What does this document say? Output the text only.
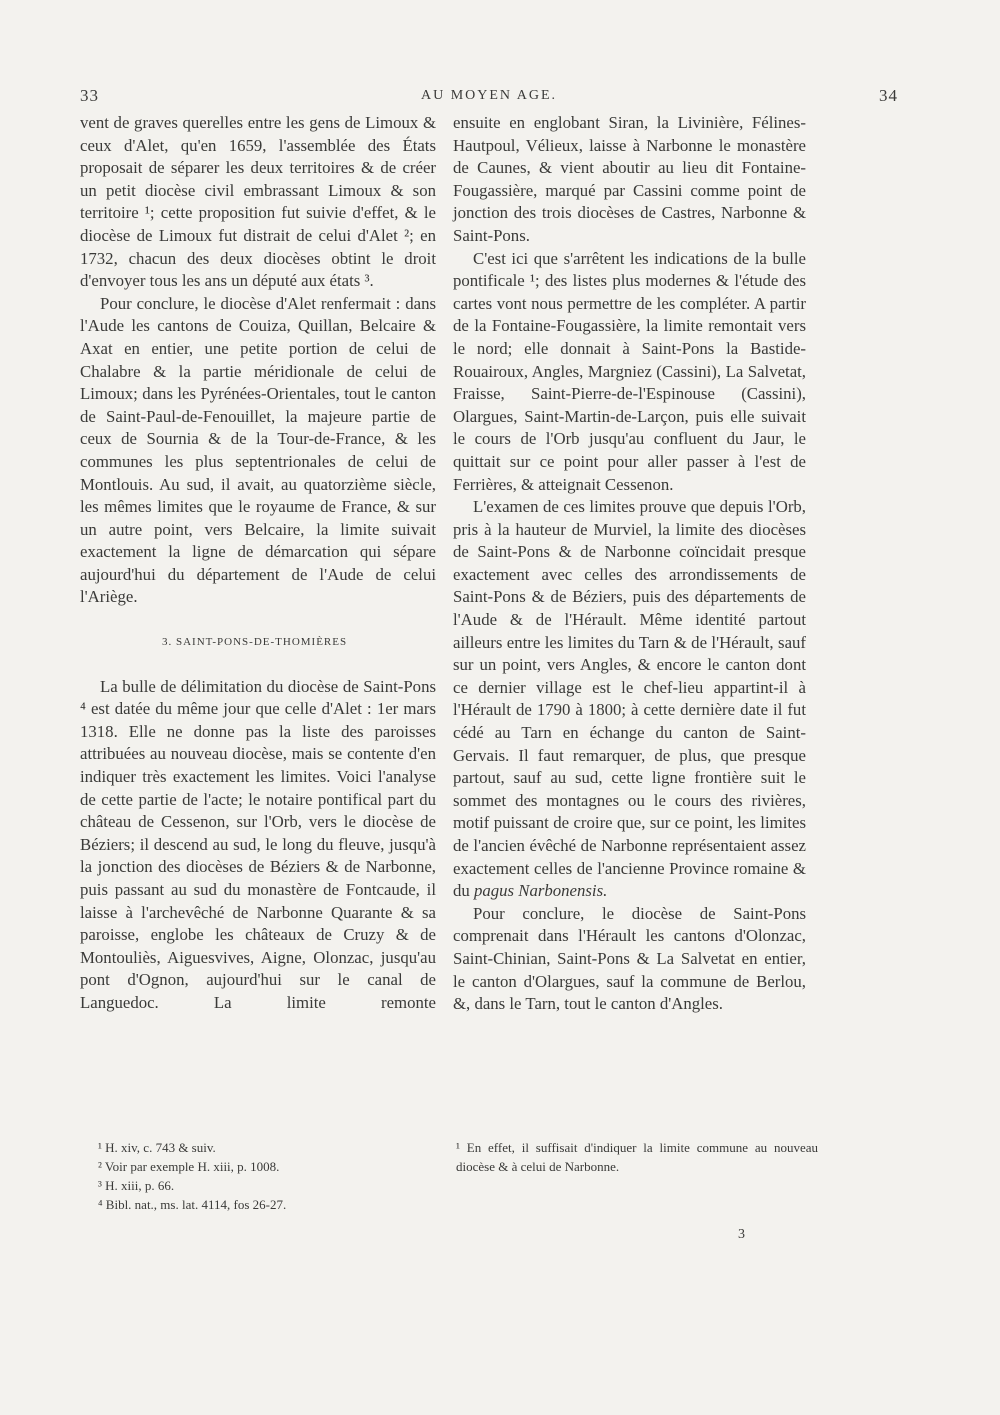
33	AU MOYEN AGE.	34

vent de graves querelles entre les gens de Limoux & ceux d'Alet, qu'en 1659, l'assemblée des États proposait de séparer les deux territoires & de créer un petit diocèse civil embrassant Limoux & son territoire ¹; cette proposition fut suivie d'effet, & le diocèse de Limoux fut distrait de celui d'Alet ²; en 1732, chacun des deux diocèses obtint le droit d'envoyer tous les ans un député aux états ³.

Pour conclure, le diocèse d'Alet renfermait : dans l'Aude les cantons de Couiza, Quillan, Belcaire & Axat en entier, une petite portion de celui de Chalabre & la partie méridionale de celui de Limoux; dans les Pyrénées-Orientales, tout le canton de Saint-Paul-de-Fenouillet, la majeure partie de ceux de Sournia & de la Tour-de-France, & les communes les plus septentrionales de celui de Montlouis. Au sud, il avait, au quatorzième siècle, les mêmes limites que le royaume de France, & sur un autre point, vers Belcaire, la limite suivait exactement la ligne de démarcation qui sépare aujourd'hui du département de l'Aude de celui l'Ariège.

3. SAINT-PONS-DE-THOMIÈRES

La bulle de délimitation du diocèse de Saint-Pons ⁴ est datée du même jour que celle d'Alet : 1er mars 1318. Elle ne donne pas la liste des paroisses attribuées au nouveau diocèse, mais se contente d'en indiquer très exactement les limites. Voici l'analyse de cette partie de l'acte; le notaire pontifical part du château de Cessenon, sur l'Orb, vers le diocèse de Béziers; il descend au sud, le long du fleuve, jusqu'à la jonction des diocèses de Béziers & de Narbonne, puis passant au sud du monastère de Fontcaude, il laisse à l'archevêché de Narbonne Quarante & sa paroisse, englobe les châteaux de Cruzy & de Montouliès, Aiguesvives, Aigne, Olonzac, jusqu'au pont d'Ognon, aujourd'hui sur le canal de Languedoc. La limite remonte

ensuite en englobant Siran, la Livinière, Félines-Hautpoul, Vélieux, laisse à Narbonne le monastère de Caunes, & vient aboutir au lieu dit Fontaine-Fougassière, marqué par Cassini comme point de jonction des trois diocèses de Castres, Narbonne & Saint-Pons.

C'est ici que s'arrêtent les indications de la bulle pontificale ¹; des listes plus modernes & l'étude des cartes vont nous permettre de les compléter. A partir de la Fontaine-Fougassière, la limite remontait vers le nord; elle donnait à Saint-Pons la Bastide-Rouairoux, Angles, Margniez (Cassini), La Salvetat, Fraisse, Saint-Pierre-de-l'Espinouse (Cassini), Olargues, Saint-Martin-de-Larçon, puis elle suivait le cours de l'Orb jusqu'au confluent du Jaur, le quittait sur ce point pour aller passer à l'est de Ferrières, & atteignait Cessenon.

L'examen de ces limites prouve que depuis l'Orb, pris à la hauteur de Murviel, la limite des diocèses de Saint-Pons & de Narbonne coïncidait presque exactement avec celles des arrondissements de Saint-Pons & de Béziers, puis des départements de l'Aude & de l'Hérault. Même identité partout ailleurs entre les limites du Tarn & de l'Hérault, sauf sur un point, vers Angles, & encore le canton dont ce dernier village est le chef-lieu appartint-il à l'Hérault de 1790 à 1800; à cette dernière date il fut cédé au Tarn en échange du canton de Saint-Gervais. Il faut remarquer, de plus, que presque partout, sauf au sud, cette ligne frontière suit le sommet des montagnes ou le cours des rivières, motif puissant de croire que, sur ce point, les limites de l'ancien évêché de Narbonne représentaient assez exactement celles de l'ancienne Province romaine & du pagus Narbonensis.

Pour conclure, le diocèse de Saint-Pons comprenait dans l'Hérault les cantons d'Olonzac, Saint-Chinian, Saint-Pons & La Salvetat en entier, le canton d'Olargues, sauf la commune de Berlou, &, dans le Tarn, tout le canton d'Angles.

¹ H. xiv, c. 743 & suiv.

² Voir par exemple H. xiii, p. 1008.

³ H. xiii, p. 66.

⁴ Bibl. nat., ms. lat. 4114, fos 26-27.

¹ En effet, il suffisait d'indiquer la limite commune au nouveau diocèse & à celui de Narbonne.

3
